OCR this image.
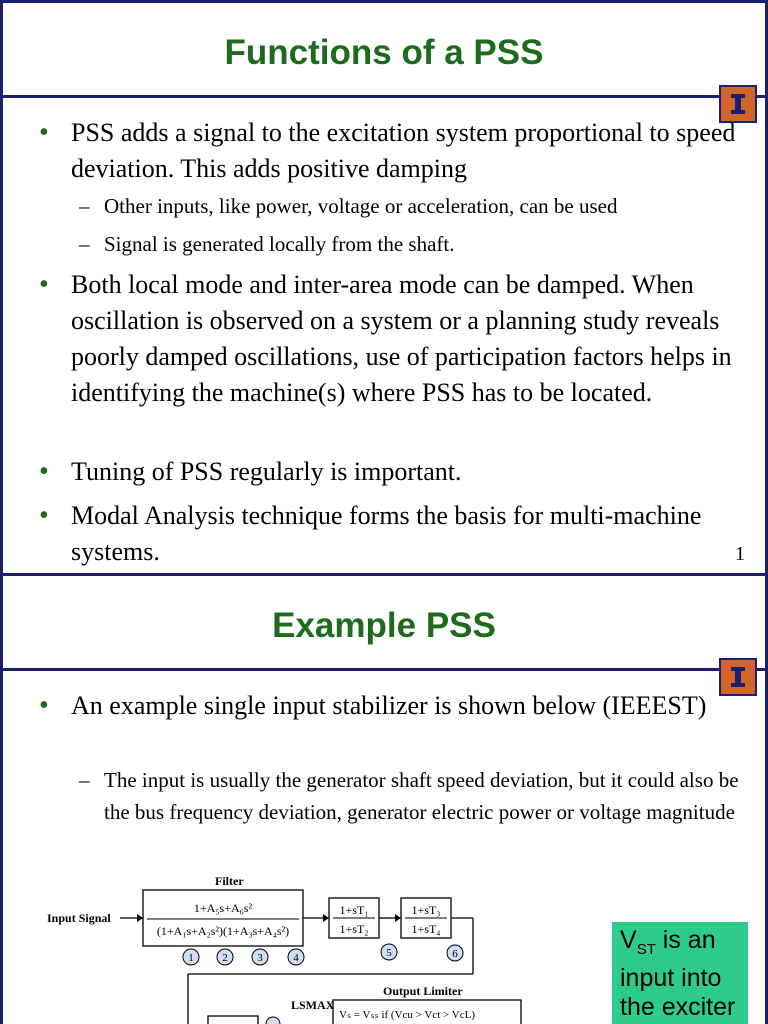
Functions of a PSS
• PSS adds a signal to the excitation system proportional to speed deviation. This adds positive damping
– Other inputs, like power, voltage or acceleration, can be used
– Signal is generated locally from the shaft.
• Both local mode and inter-area mode can be damped. When oscillation is observed on a system or a planning study reveals poorly damped oscillations, use of participation factors helps in identifying the machine(s) where PSS has to be located.
• Tuning of PSS regularly is important.
• Modal Analysis technique forms the basis for multi-machine systems.	1
Example PSS
• An example single input stabilizer is shown below (IEEEST)
– The input is usually the generator shaft speed deviation, but it could also be the bus frequency deviation, generator electric power or voltage magnitude
Filter
Input Signal
1+A₅s+A₆s²
(1+A₁s+A₂s²)(1+A₃s+A₄s²)
1+sT₁
1+sT₂
1+sT₃
1+sT₄
1	2	3	4	5	6
Output Limiter
LSMAX
Vₛ = Vₛₛ if (Vcu > Vct > VcL)
$V_{ST}$ is an input into the exciter
